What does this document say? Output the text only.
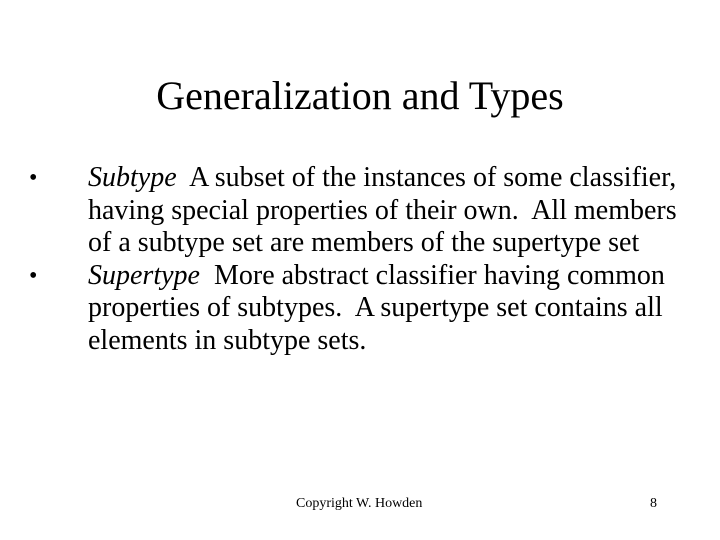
Generalization and Types
• Subtype  A subset of the instances of some classifier, having special properties of their own.  All members of a subtype set are members of the supertype set
• Supertype  More abstract classifier having common properties of subtypes.  A supertype set contains all elements in subtype sets.
Copyright W. Howden	8
